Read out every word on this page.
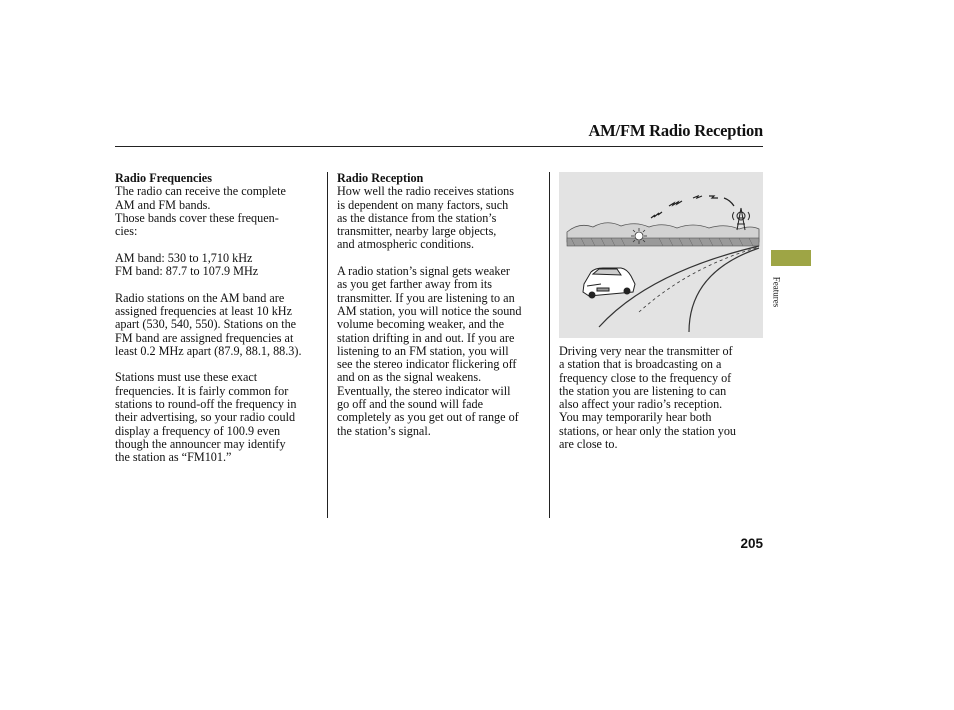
AM/FM Radio Reception

Radio Frequencies

The radio can receive the complete
AM and FM bands.

Those bands cover these frequen-
cies:

AM band: 530 to 1,710 kHz

FM band: 87.7 to 107.9 MHz

Radio stations on the AM band are
assigned frequencies at least 10 kHz
apart (530, 540, 550). Stations on the
FM band are assigned frequencies at
least 0.2 MHz apart (87.9, 88.1, 88.3).

Stations must use these exact
frequencies. It is fairly common for
stations to round-off the frequency in
their advertising, so your radio could
display a frequency of 100.9 even
though the announcer may identify
the station as “FM101.”

Radio Reception

How well the radio receives stations
is dependent on many factors, such
as the distance from the station’s
transmitter, nearby large objects,
and atmospheric conditions.

A radio station’s signal gets weaker
as you get farther away from its
transmitter. If you are listening to an
AM station, you will notice the sound
volume becoming weaker, and the
station drifting in and out. If you are
listening to an FM station, you will
see the stereo indicator flickering off
and on as the signal weakens.
Eventually, the stereo indicator will
go off and the sound will fade
completely as you get out of range of
the station’s signal.

Driving very near the transmitter of
a station that is broadcasting on a
frequency close to the frequency of
the station you are listening to can
also affect your radio’s reception.
You may temporarily hear both
stations, or hear only the station you
are close to.

Features
205
